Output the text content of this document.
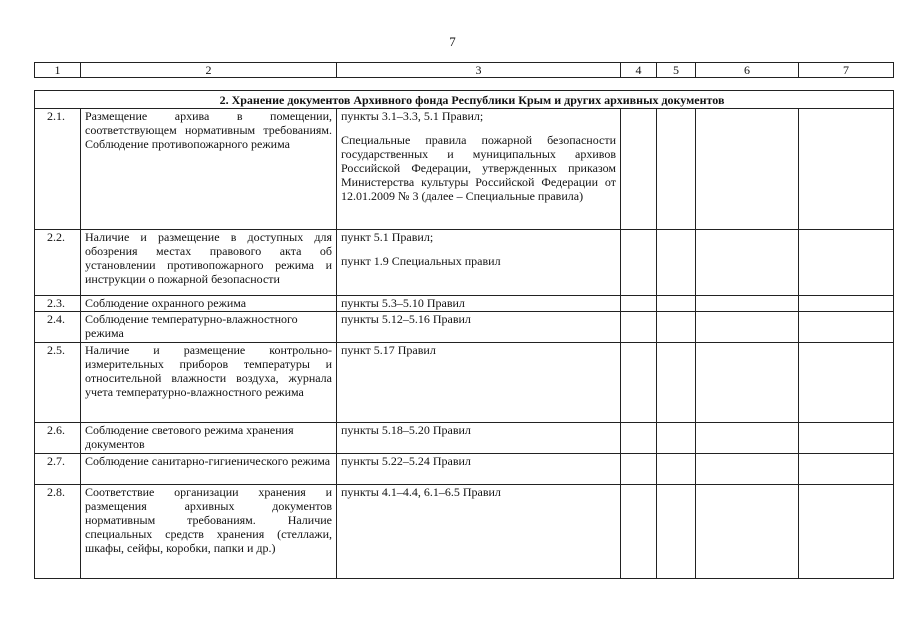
7
1	2	3	4	5	6	7
2. Хранение документов Архивного фонда Республики Крым и других архивных документов						
2.1.	Размещение архива в помещении, соответствующем нормативным требованиям. Соблюдение противопожарного режима	пункты 3.1–3.3, 5.1 Правил;
Специальные правила пожарной безопасности государственных и муниципальных архивов Российской Федерации, утвержденных приказом Министерства культуры Российской Федерации от 12.01.2009 № 3 (далее – Специальные правила)				

2.2.	Наличие и размещение в доступных для обозрения местах правового акта об установлении противопожарного режима и инструкции о пожарной безопасности	пункт 5.1 Правил;
пункт 1.9 Специальных правил				

2.3.	Соблюдение охранного режима	пункты 5.3–5.10 Правил				
2.4.	Соблюдение температурно-влажностного режима	пункты 5.12–5.16 Правил				
2.5.	Наличие и размещение контрольно-измерительных приборов температуры и относительной влажности воздуха, журнала учета температурно-влажностного режима	пункт 5.17 Правил				
2.6.	Соблюдение светового режима хранения документов	пункты 5.18–5.20 Правил				
2.7.	Соблюдение санитарно-гигиенического режима	пункты 5.22–5.24 Правил				
2.8.	Соответствие организации хранения и размещения архивных документов нормативным требованиям. Наличие специальных средств хранения (стеллажи, шкафы, сейфы, коробки, папки и др.)	пункты 4.1–4.4, 6.1–6.5 Правил				
